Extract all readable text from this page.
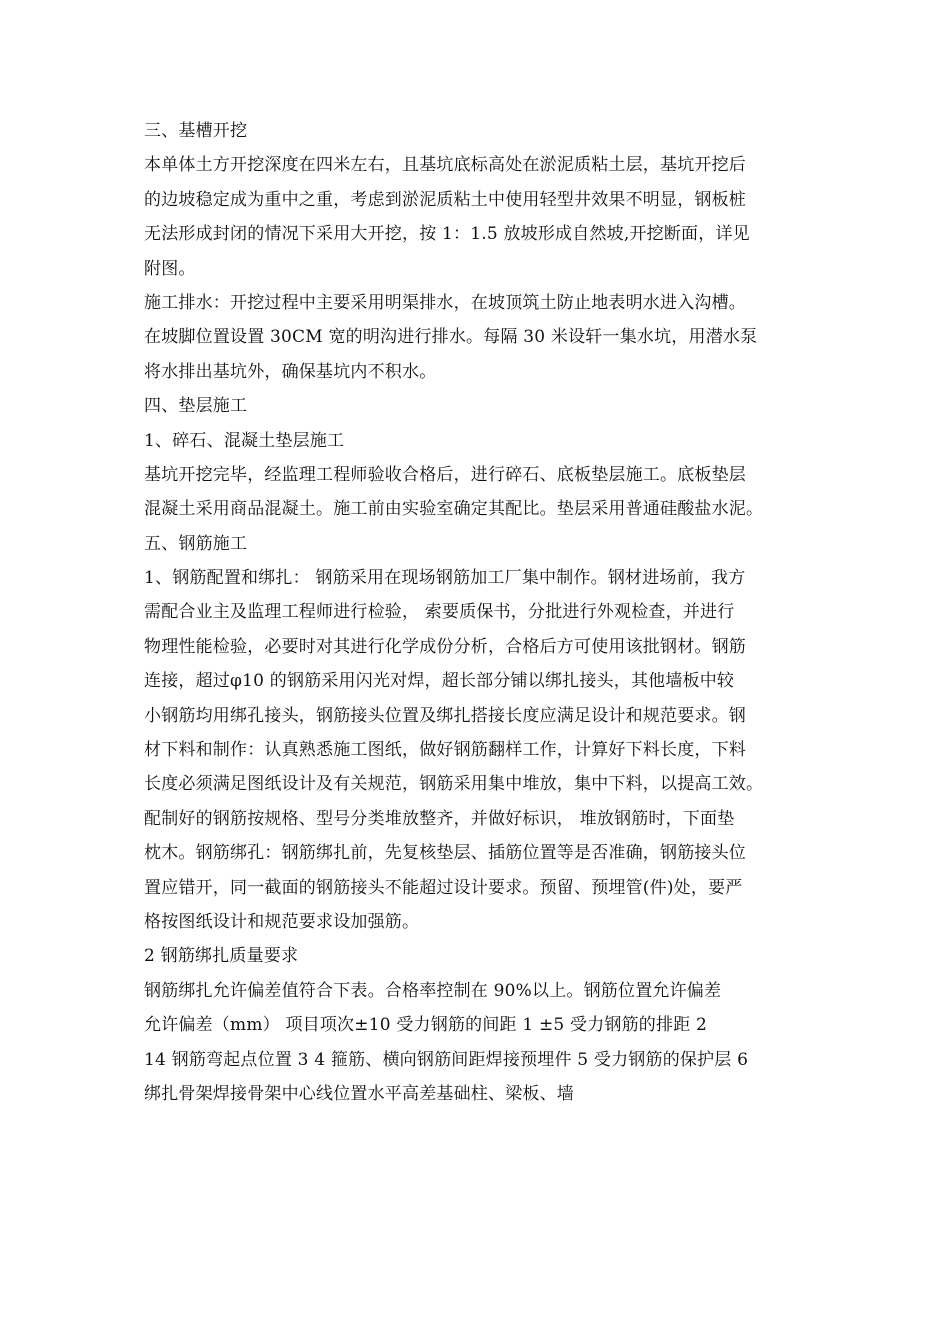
三、基槽开挖
本单体土方开挖深度在四米左右，且基坑底标高处在淤泥质粘土层，基坑开挖后
的边坡稳定成为重中之重，考虑到淤泥质粘土中使用轻型井效果不明显，钢板桩
无法形成封闭的情况下采用大开挖，按 1：1.5 放坡形成自然坡,开挖断面，详见
附图。
施工排水：开挖过程中主要采用明渠排水，在坡顶筑土防止地表明水进入沟槽。
在坡脚位置设置 30CM 宽的明沟进行排水。每隔 30 米设轩一集水坑，用潜水泵
将水排出基坑外，确保基坑内不积水。
四、垫层施工
1、碎石、混凝土垫层施工
基坑开挖完毕，经监理工程师验收合格后，进行碎石、底板垫层施工。底板垫层
混凝土采用商品混凝土。施工前由实验室确定其配比。垫层采用普通硅酸盐水泥。
五、钢筋施工
1、钢筋配置和绑扎： 钢筋采用在现场钢筋加工厂集中制作。钢材进场前，我方
需配合业主及监理工程师进行检验， 索要质保书，分批进行外观检查，并进行
物理性能检验，必要时对其进行化学成份分析，合格后方可使用该批钢材。钢筋
连接，超过φ10 的钢筋采用闪光对焊，超长部分铺以绑扎接头，其他墙板中较
小钢筋均用绑孔接头，钢筋接头位置及绑扎搭接长度应满足设计和规范要求。钢
材下料和制作：认真熟悉施工图纸，做好钢筋翻样工作，计算好下料长度，下料
长度必须满足图纸设计及有关规范，钢筋采用集中堆放，集中下料，以提高工效。
配制好的钢筋按规格、型号分类堆放整齐，并做好标识， 堆放钢筋时，下面垫
枕木。钢筋绑孔：钢筋绑扎前，先复核垫层、插筋位置等是否准确，钢筋接头位
置应错开，同一截面的钢筋接头不能超过设计要求。预留、预埋管(件)处，要严
格按图纸设计和规范要求设加强筋。
2 钢筋绑扎质量要求
钢筋绑扎允许偏差值符合下表。合格率控制在 90%以上。钢筋位置允许偏差
允许偏差（mm） 项目项次±10 受力钢筋的间距 1 ±5 受力钢筋的排距 2
14 钢筋弯起点位置 3 4 箍筋、横向钢筋间距焊接预埋件 5 受力钢筋的保护层 6
绑扎骨架焊接骨架中心线位置水平高差基础柱、梁板、墙
